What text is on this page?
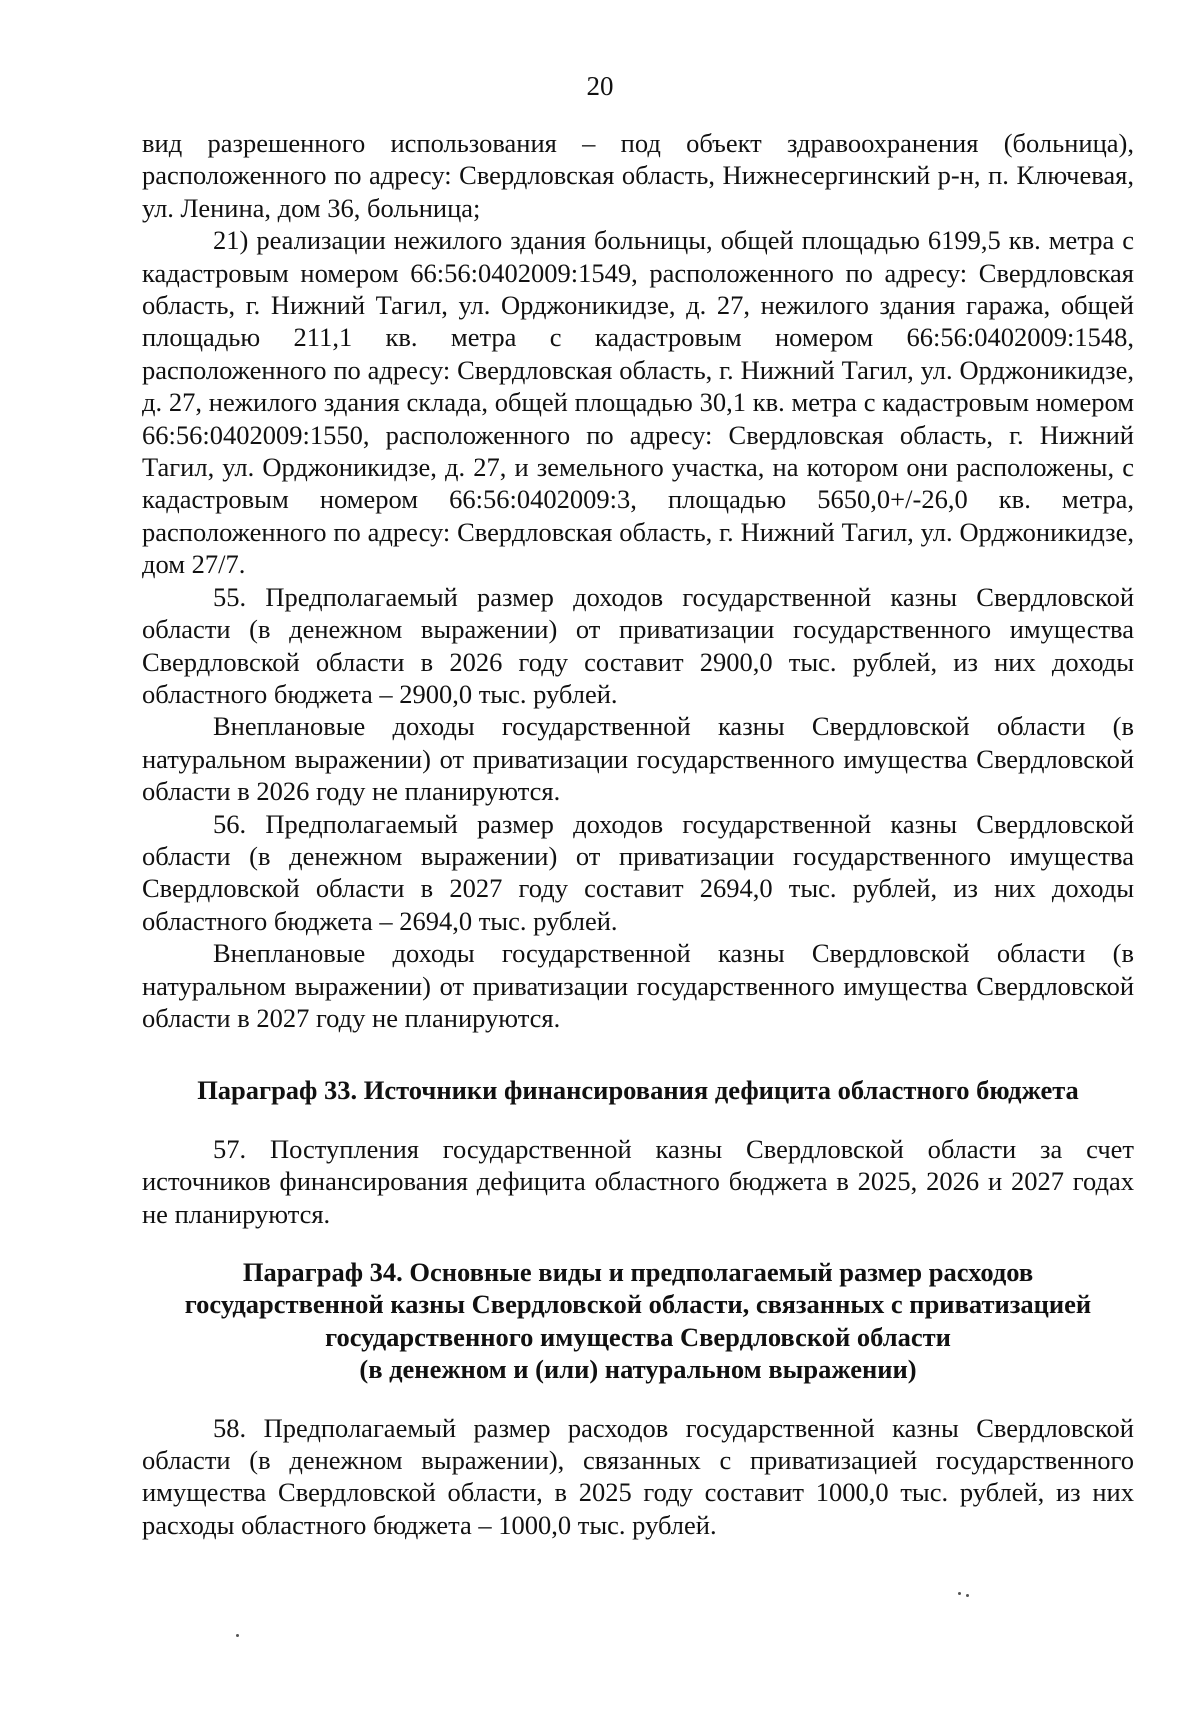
20

вид разрешенного использования – под объект здравоохранения (больница), расположенного по адресу: Свердловская область, Нижнесергинский р-н, п. Ключевая, ул. Ленина, дом 36, больница;

21) реализации нежилого здания больницы, общей площадью 6199,5 кв. метра с кадастровым номером 66:56:0402009:1549, расположенного по адресу: Свердловская область, г. Нижний Тагил, ул. Орджоникидзе, д. 27, нежилого здания гаража, общей площадью 211,1 кв. метра с кадастровым номером 66:56:0402009:1548, расположенного по адресу: Свердловская область, г. Нижний Тагил, ул. Орджоникидзе, д. 27, нежилого здания склада, общей площадью 30,1 кв. метра с кадастровым номером 66:56:0402009:1550, расположенного по адресу: Свердловская область, г. Нижний Тагил, ул. Орджоникидзе, д. 27, и земельного участка, на котором они расположены, с кадастровым номером 66:56:0402009:3, площадью 5650,0+/-26,0 кв. метра, расположенного по адресу: Свердловская область, г. Нижний Тагил, ул. Орджоникидзе, дом 27/7.

55. Предполагаемый размер доходов государственной казны Свердловской области (в денежном выражении) от приватизации государственного имущества Свердловской области в 2026 году составит 2900,0 тыс. рублей, из них доходы областного бюджета – 2900,0 тыс. рублей.

Внеплановые доходы государственной казны Свердловской области (в натуральном выражении) от приватизации государственного имущества Свердловской области в 2026 году не планируются.

56. Предполагаемый размер доходов государственной казны Свердловской области (в денежном выражении) от приватизации государственного имущества Свердловской области в 2027 году составит 2694,0 тыс. рублей, из них доходы областного бюджета – 2694,0 тыс. рублей.

Внеплановые доходы государственной казны Свердловской области (в натуральном выражении) от приватизации государственного имущества Свердловской области в 2027 году не планируются.

Параграф 33. Источники финансирования дефицита областного бюджета

57. Поступления государственной казны Свердловской области за счет источников финансирования дефицита областного бюджета в 2025, 2026 и 2027 годах не планируются.

Параграф 34. Основные виды и предполагаемый размер расходов
государственной казны Свердловской области, связанных с приватизацией
государственного имущества Свердловской области
(в денежном и (или) натуральном выражении)

58. Предполагаемый размер расходов государственной казны Свердловской области (в денежном выражении), связанных с приватизацией государственного имущества Свердловской области, в 2025 году составит 1000,0 тыс. рублей, из них расходы областного бюджета – 1000,0 тыс. рублей.
